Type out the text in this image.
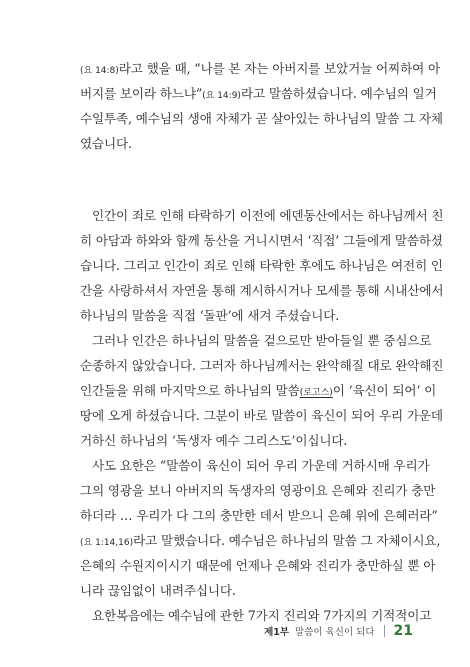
(요 14:8)라고 했을 때, “나를 본 자는 아버지를 보았거늘 어찌하여 아
버지를 보이라 하느냐”(요 14:9)라고 말씀하셨습니다. 예수님의 일거
수일투족, 예수님의 생애 자체가 곧 살아있는 하나님의 말씀 그 자체
였습니다.
인간이 죄로 인해 타락하기 이전에 에덴동산에서는 하나님께서 친
히 아담과 하와와 함께 동산을 거니시면서 ‘직접’ 그들에게 말씀하셨
습니다. 그리고 인간이 죄로 인해 타락한 후에도 하나님은 여전히 인
간을 사랑하셔서 자연을 통해 계시하시거나 모세를 통해 시내산에서
하나님의 말씀을 직접 ‘돌판’에 새겨 주셨습니다.
그러나 인간은 하나님의 말씀을 겉으로만 받아들일 뿐 중심으로
순종하지 않았습니다. 그러자 하나님께서는 완악해질 대로 완악해진
인간들을 위해 마지막으로 하나님의 말씀(로고스)이 ‘육신이 되어’ 이
땅에 오게 하셨습니다. 그분이 바로 말씀이 육신이 되어 우리 가운데
거하신 하나님의 ‘독생자 예수 그리스도’이십니다.
사도 요한은 “말씀이 육신이 되어 우리 가운데 거하시매 우리가
그의 영광을 보니 아버지의 독생자의 영광이요 은혜와 진리가 충만
하더라 … 우리가 다 그의 충만한 데서 받으니 은혜 위에 은혜러라”
(요 1:14,16)라고 말했습니다. 예수님은 하나님의 말씀 그 자체이시요,
은혜의 수원지이시기 때문에 언제나 은혜와 진리가 충만하실 뿐 아
니라 끊임없이 내려주십니다.
요한복음에는 예수님에 관한 7가지 진리와 7가지의 기적적이고
제1부 말씀이 육신이 되다 21
